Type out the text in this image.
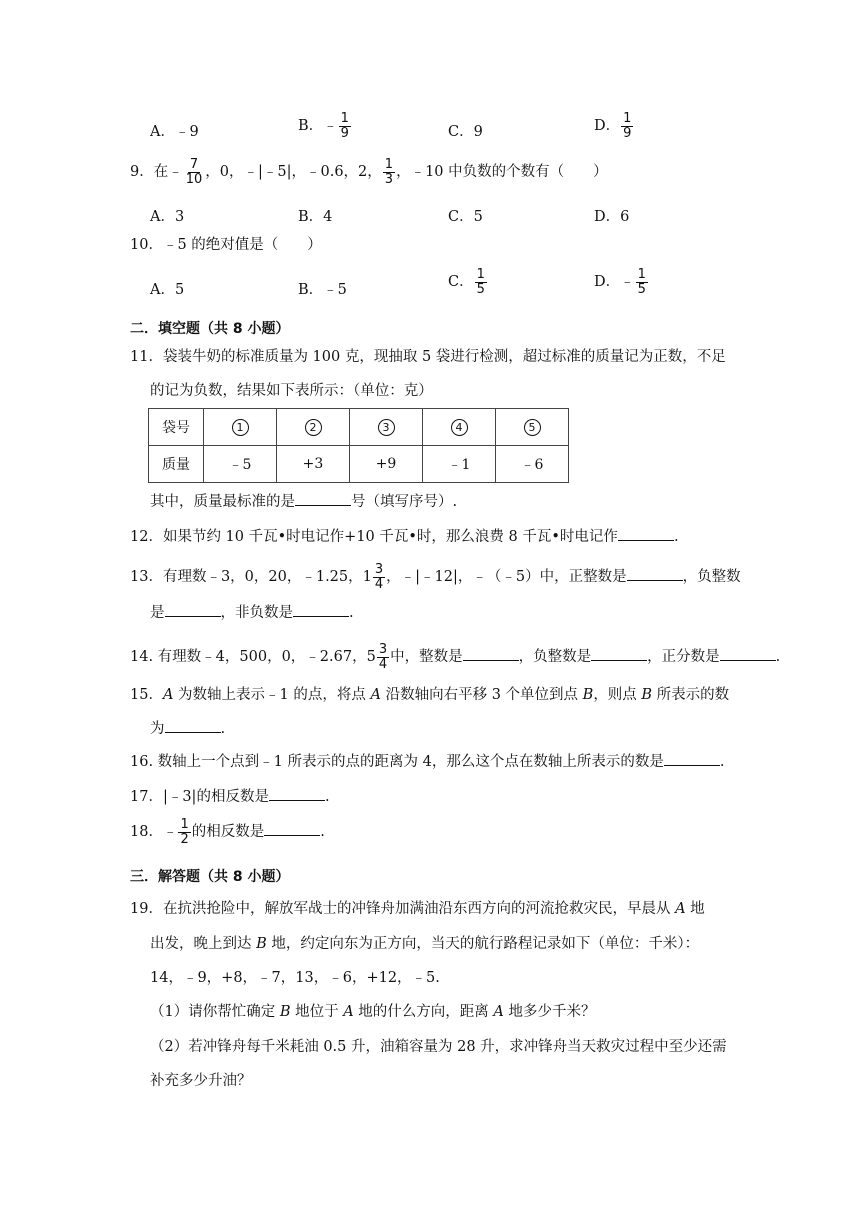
A．﹣9	B．﹣ $\frac{1}{9}$	C．9	D． $\frac{1}{9}$
9．在﹣ $\frac{7}{10}$ ，0，﹣|﹣5|，﹣0.6，2， $\frac{1}{3}$ ，﹣10 中负数的个数有（　　）
A．3	B．4	C．5	D．6
10．﹣5 的绝对值是（　　）
A．5	B．﹣5	C． $\frac{1}{5}$	D．﹣ $\frac{1}{5}$
二．填空题（共 8 小题）
11．袋装牛奶的标准质量为 100 克，现抽取 5 袋进行检测，超过标准的质量记为正数，不足
的记为负数，结果如下表所示：（单位：克）
袋号	1	2	3	4	5
质量	﹣5	+3	+9	﹣1	﹣6
其中，质量最标准的是	号（填写序号）.
12．如果节约 10 千瓦•时电记作+10 千瓦•时，那么浪费 8 千瓦•时电记作	.
13．有理数﹣3，0，20，﹣1.25，$1 \frac{3}{4}$ ，﹣|﹣12|，﹣（﹣5）中，正整数是	，负整数
是	，非负数是	.
14. 有理数﹣4，500，0，﹣2.67，$5 \frac{3}{4}$ 中，整数是	，负整数是	，正分数是	.
15．A 为数轴上表示﹣1 的点，将点 A 沿数轴向右平移 3 个单位到点 B，则点 B 所表示的数
为	.
16. 数轴上一个点到﹣1 所表示的点的距离为 4，那么这个点在数轴上所表示的数是	.
17．|﹣3|的相反数是	.
18．﹣ $\frac{1}{2}$ 的相反数是	.
三．解答题（共 8 小题）
19．在抗洪抢险中，解放军战士的冲锋舟加满油沿东西方向的河流抢救灾民，早晨从 A 地
出发，晚上到达 B 地，约定向东为正方向，当天的航行路程记录如下（单位：千米）：
14，﹣9，+8，﹣7，13，﹣6，+12，﹣5.
（1）请你帮忙确定 B 地位于 A 地的什么方向，距离 A 地多少千米？
（2）若冲锋舟每千米耗油 0.5 升，油箱容量为 28 升，求冲锋舟当天救灾过程中至少还需
补充多少升油？
